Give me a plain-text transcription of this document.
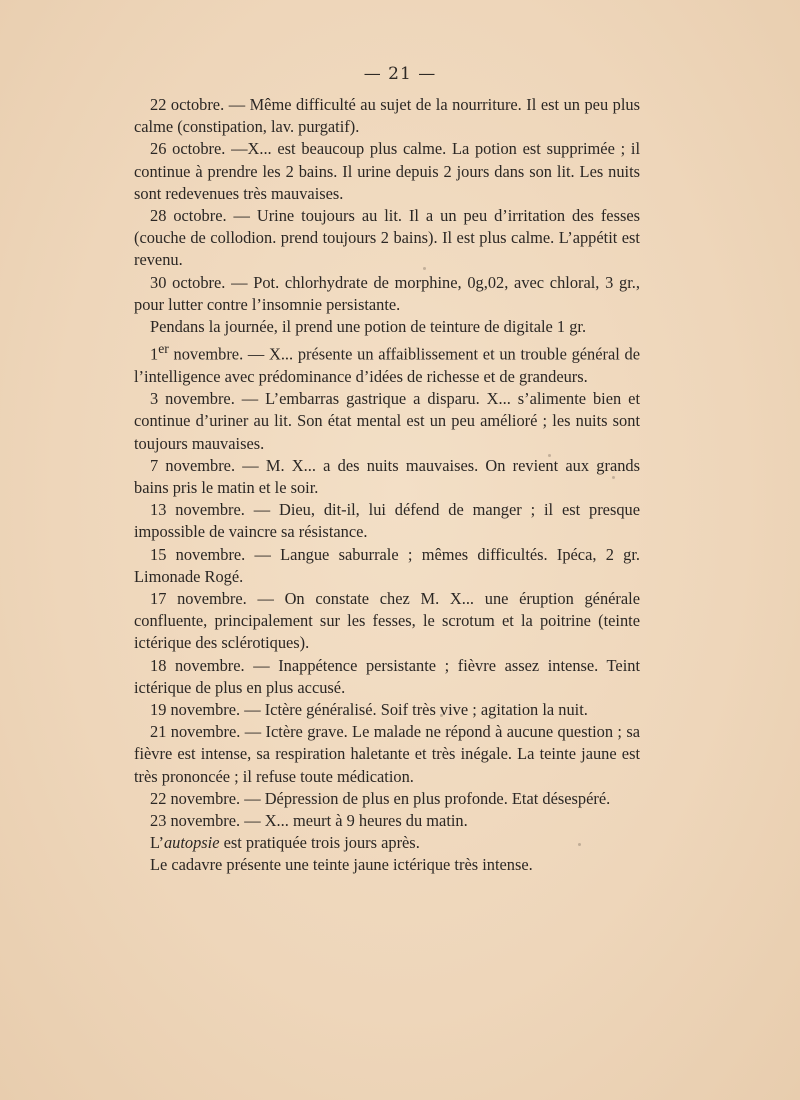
— 21 —

22 octobre. — Même difficulté au sujet de la nourriture. Il est un peu plus calme (constipation, lav. purgatif).

26 octobre. —X... est beaucoup plus calme. La potion est supprimée ; il continue à prendre les 2 bains. Il urine depuis 2 jours dans son lit. Les nuits sont redevenues très mauvaises.

28 octobre. — Urine toujours au lit. Il a un peu d’irritation des fesses (couche de collodion. prend toujours 2 bains). Il est plus calme. L’appétit est revenu.

30 octobre. — Pot. chlorhydrate de morphine, 0g,02, avec chloral, 3 gr., pour lutter contre l’insomnie persistante.

Pendans la journée, il prend une potion de teinture de digitale 1 gr.

1er novembre. — X... présente un affaiblissement et un trouble général de l’intelligence avec prédominance d’idées de richesse et de grandeurs.

3 novembre. — L’embarras gastrique a disparu. X... s’alimente bien et continue d’uriner au lit. Son état mental est un peu amélioré ; les nuits sont toujours mauvaises.

7 novembre. — M. X... a des nuits mauvaises. On revient aux grands bains pris le matin et le soir.

13 novembre. — Dieu, dit-il, lui défend de manger ; il est presque impossible de vaincre sa résistance.

15 novembre. — Langue saburrale ; mêmes difficultés. Ipéca, 2 gr. Limonade Rogé.

17 novembre. — On constate chez M. X... une éruption générale confluente, principalement sur les fesses, le scrotum et la poitrine (teinte ictérique des sclérotiques).

18 novembre. — Inappétence persistante ; fièvre assez intense. Teint ictérique de plus en plus accusé.

19 novembre. — Ictère généralisé. Soif très vive ; agitation la nuit.

21 novembre. — Ictère grave. Le malade ne répond à aucune question ; sa fièvre est intense, sa respiration haletante et très inégale. La teinte jaune est très prononcée ; il refuse toute médication.

22 novembre. — Dépression de plus en plus profonde. Etat désespéré.

23 novembre. — X... meurt à 9 heures du matin.

L’autopsie est pratiquée trois jours après.

Le cadavre présente une teinte jaune ictérique très intense.
